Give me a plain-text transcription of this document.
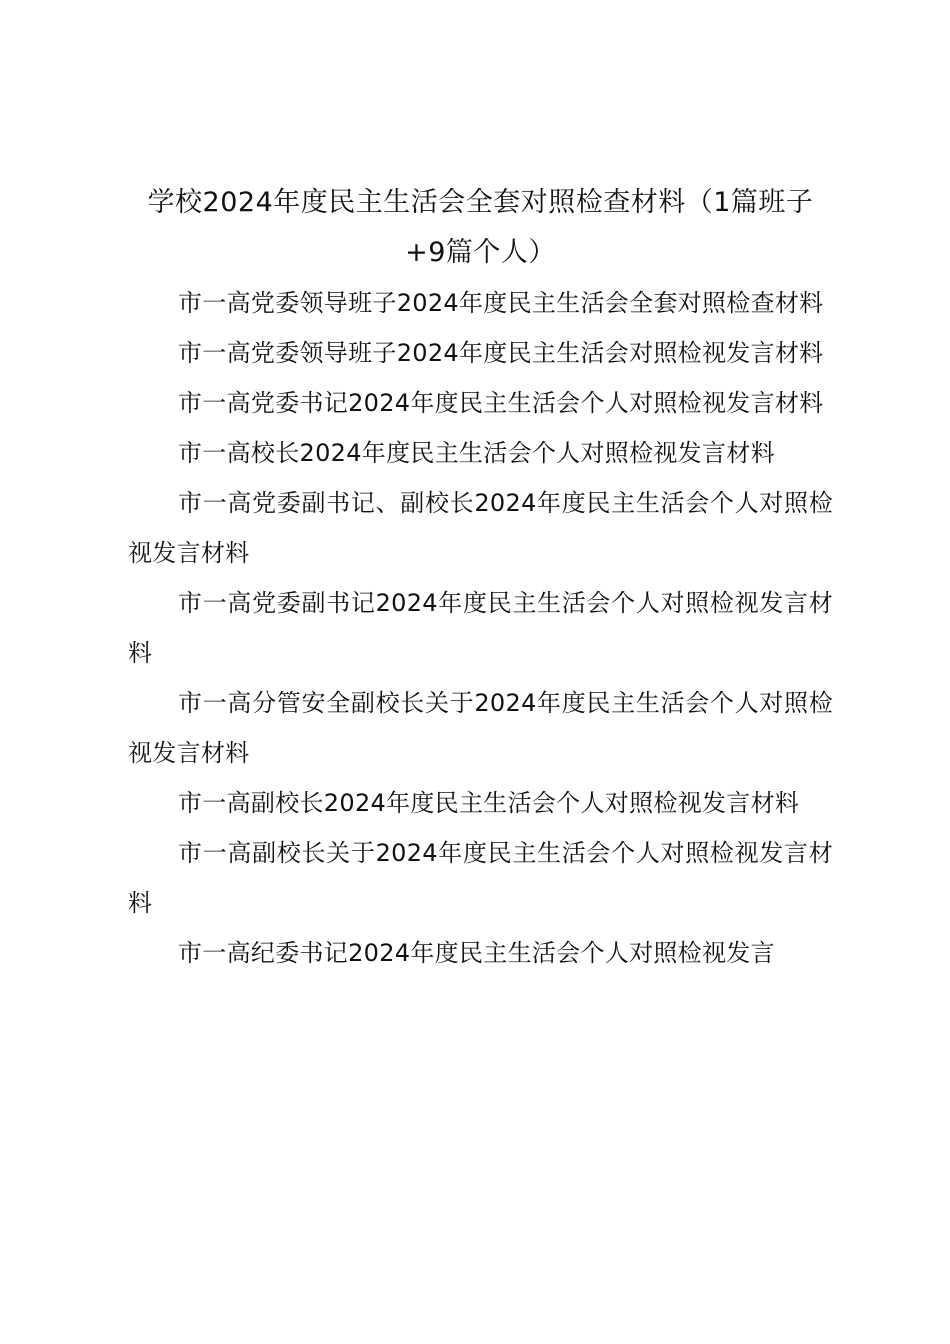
学校2024年度民主生活会全套对照检查材料（1篇班子+9篇个人）

市一高党委领导班子2024年度民主生活会全套对照检查材料

市一高党委领导班子2024年度民主生活会对照检视发言材料

市一高党委书记2024年度民主生活会个人对照检视发言材料

市一高校长2024年度民主生活会个人对照检视发言材料

市一高党委副书记、副校长2024年度民主生活会个人对照检视发言材料

市一高党委副书记2024年度民主生活会个人对照检视发言材料

市一高分管安全副校长关于2024年度民主生活会个人对照检视发言材料

市一高副校长2024年度民主生活会个人对照检视发言材料

市一高副校长关于2024年度民主生活会个人对照检视发言材料

市一高纪委书记2024年度民主生活会个人对照检视发言
